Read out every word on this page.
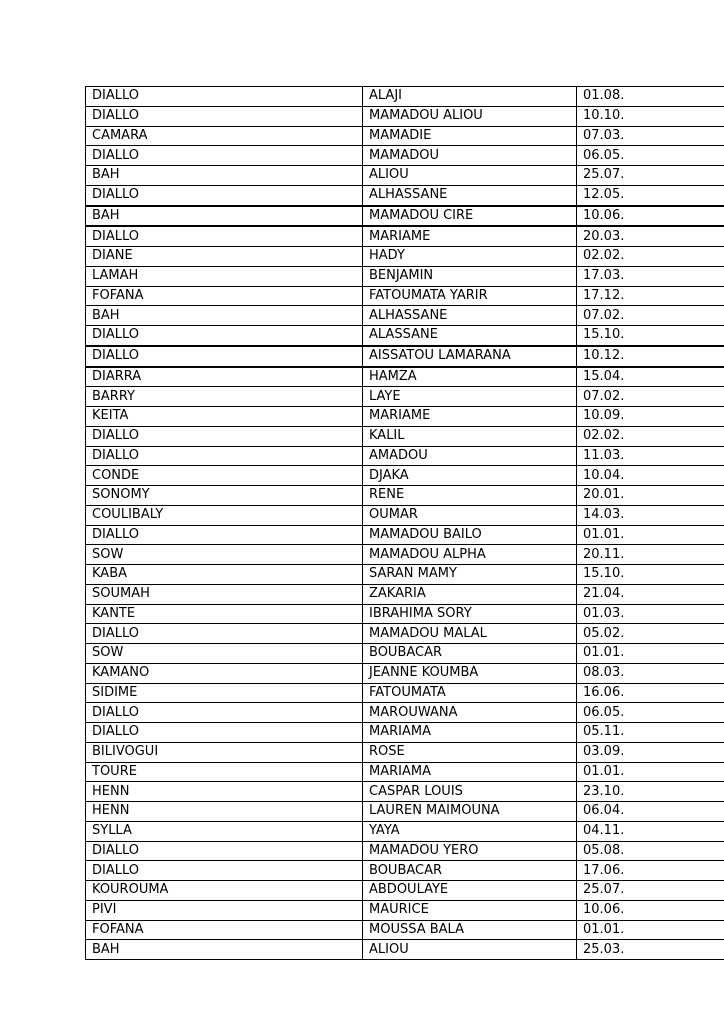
DIALLO	ALAJI	01.08.
DIALLO	MAMADOU ALIOU	10.10.
CAMARA	MAMADIE	07.03.
DIALLO	MAMADOU	06.05.
BAH	ALIOU	25.07.
DIALLO	ALHASSANE	12.05.
BAH	MAMADOU CIRE	10.06.
DIALLO	MARIAME	20.03.
DIANE	HADY	02.02.
LAMAH	BENJAMIN	17.03.
FOFANA	FATOUMATA YARIR	17.12.
BAH	ALHASSANE	07.02.
DIALLO	ALASSANE	15.10.
DIALLO	AISSATOU LAMARANA	10.12.
DIARRA	HAMZA	15.04.
BARRY	LAYE	07.02.
KEITA	MARIAME	10.09.
DIALLO	KALIL	02.02.
DIALLO	AMADOU	11.03.
CONDE	DJAKA	10.04.
SONOMY	RENE	20.01.
COULIBALY	OUMAR	14.03.
DIALLO	MAMADOU BAILO	01.01.
SOW	MAMADOU ALPHA	20.11.
KABA	SARAN MAMY	15.10.
SOUMAH	ZAKARIA	21.04.
KANTE	IBRAHIMA SORY	01.03.
DIALLO	MAMADOU MALAL	05.02.
SOW	BOUBACAR	01.01.
KAMANO	JEANNE KOUMBA	08.03.
SIDIME	FATOUMATA	16.06.
DIALLO	MAROUWANA	06.05.
DIALLO	MARIAMA	05.11.
BILIVOGUI	ROSE	03.09.
TOURE	MARIAMA	01.01.
HENN	CASPAR LOUIS	23.10.
HENN	LAUREN MAIMOUNA	06.04.
SYLLA	YAYA	04.11.
DIALLO	MAMADOU YERO	05.08.
DIALLO	BOUBACAR	17.06.
KOUROUMA	ABDOULAYE	25.07.
PIVI	MAURICE	10.06.
FOFANA	MOUSSA BALA	01.01.
BAH	ALIOU	25.03.
